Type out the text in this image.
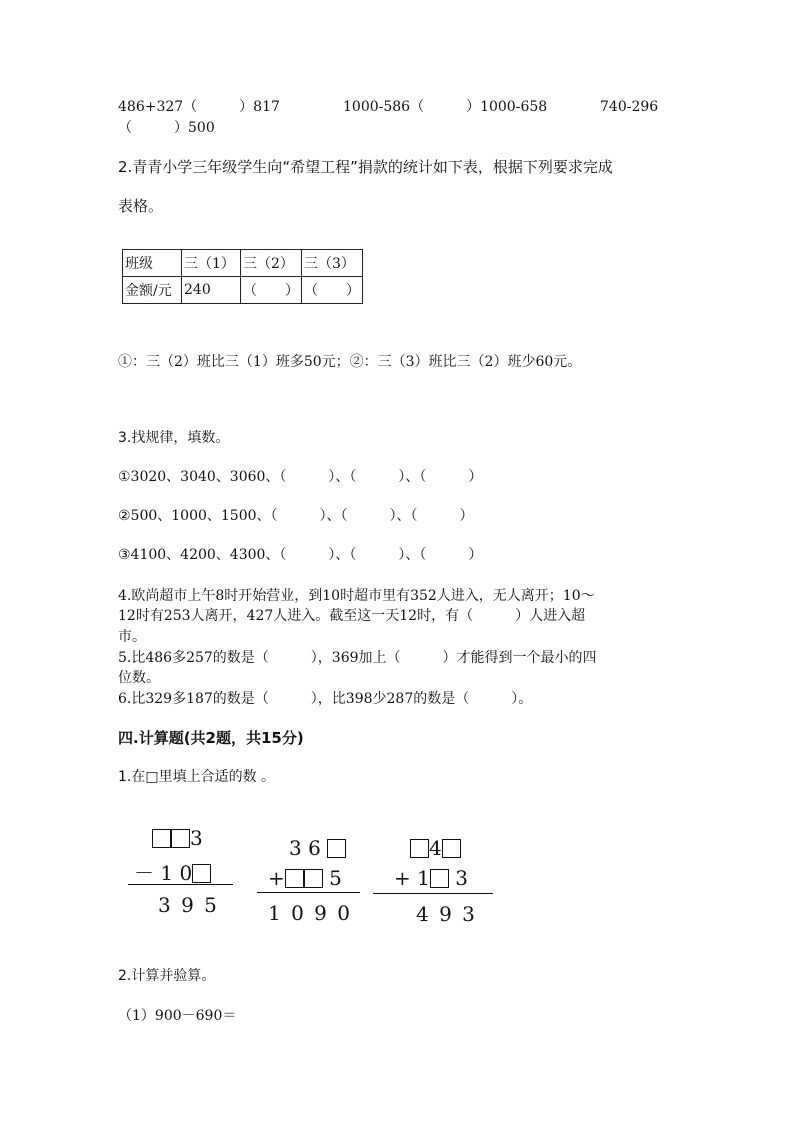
486+327（　　　）817	1000-586（　　　）1000-658	740-296
（　　　）500
2.青青小学三年级学生向“希望工程”捐款的统计如下表，根据下列要求完成
表格。
班级	三（1）	三（2）	三（3）
金额/元	240	（　　）	（　　）
①：三（2）班比三（1）班多50元；②：三（3）班比三（2）班少60元。
3.找规律，填数。
①3020、3040、3060、（　　　）、（　　　）、（　　　）
②500、1000、1500、（　　　）、（　　　）、（　　　）
③4100、4200、4300、（　　　）、（　　　）、（　　　）
4.欧尚超市上午8时开始营业，到10时超市里有352人进入，无人离开；10～
12时有253人离开，427人进入。截至这一天12时，有（　　　）人进入超
市。
5.比486多257的数是（　　　），369加上（　　　）才能得到一个最小的四
位数。
6.比329多187的数是（　　　），比398少287的数是（　　　）。
四.计算题(共2题，共15分)
1.在□里填上合适的数 。
3
－ 1 0
3 9 5
3 6
+ 5
1 0 9 0
4
+ 1 3
4 9 3
2.计算并验算。
（1）900－690＝
